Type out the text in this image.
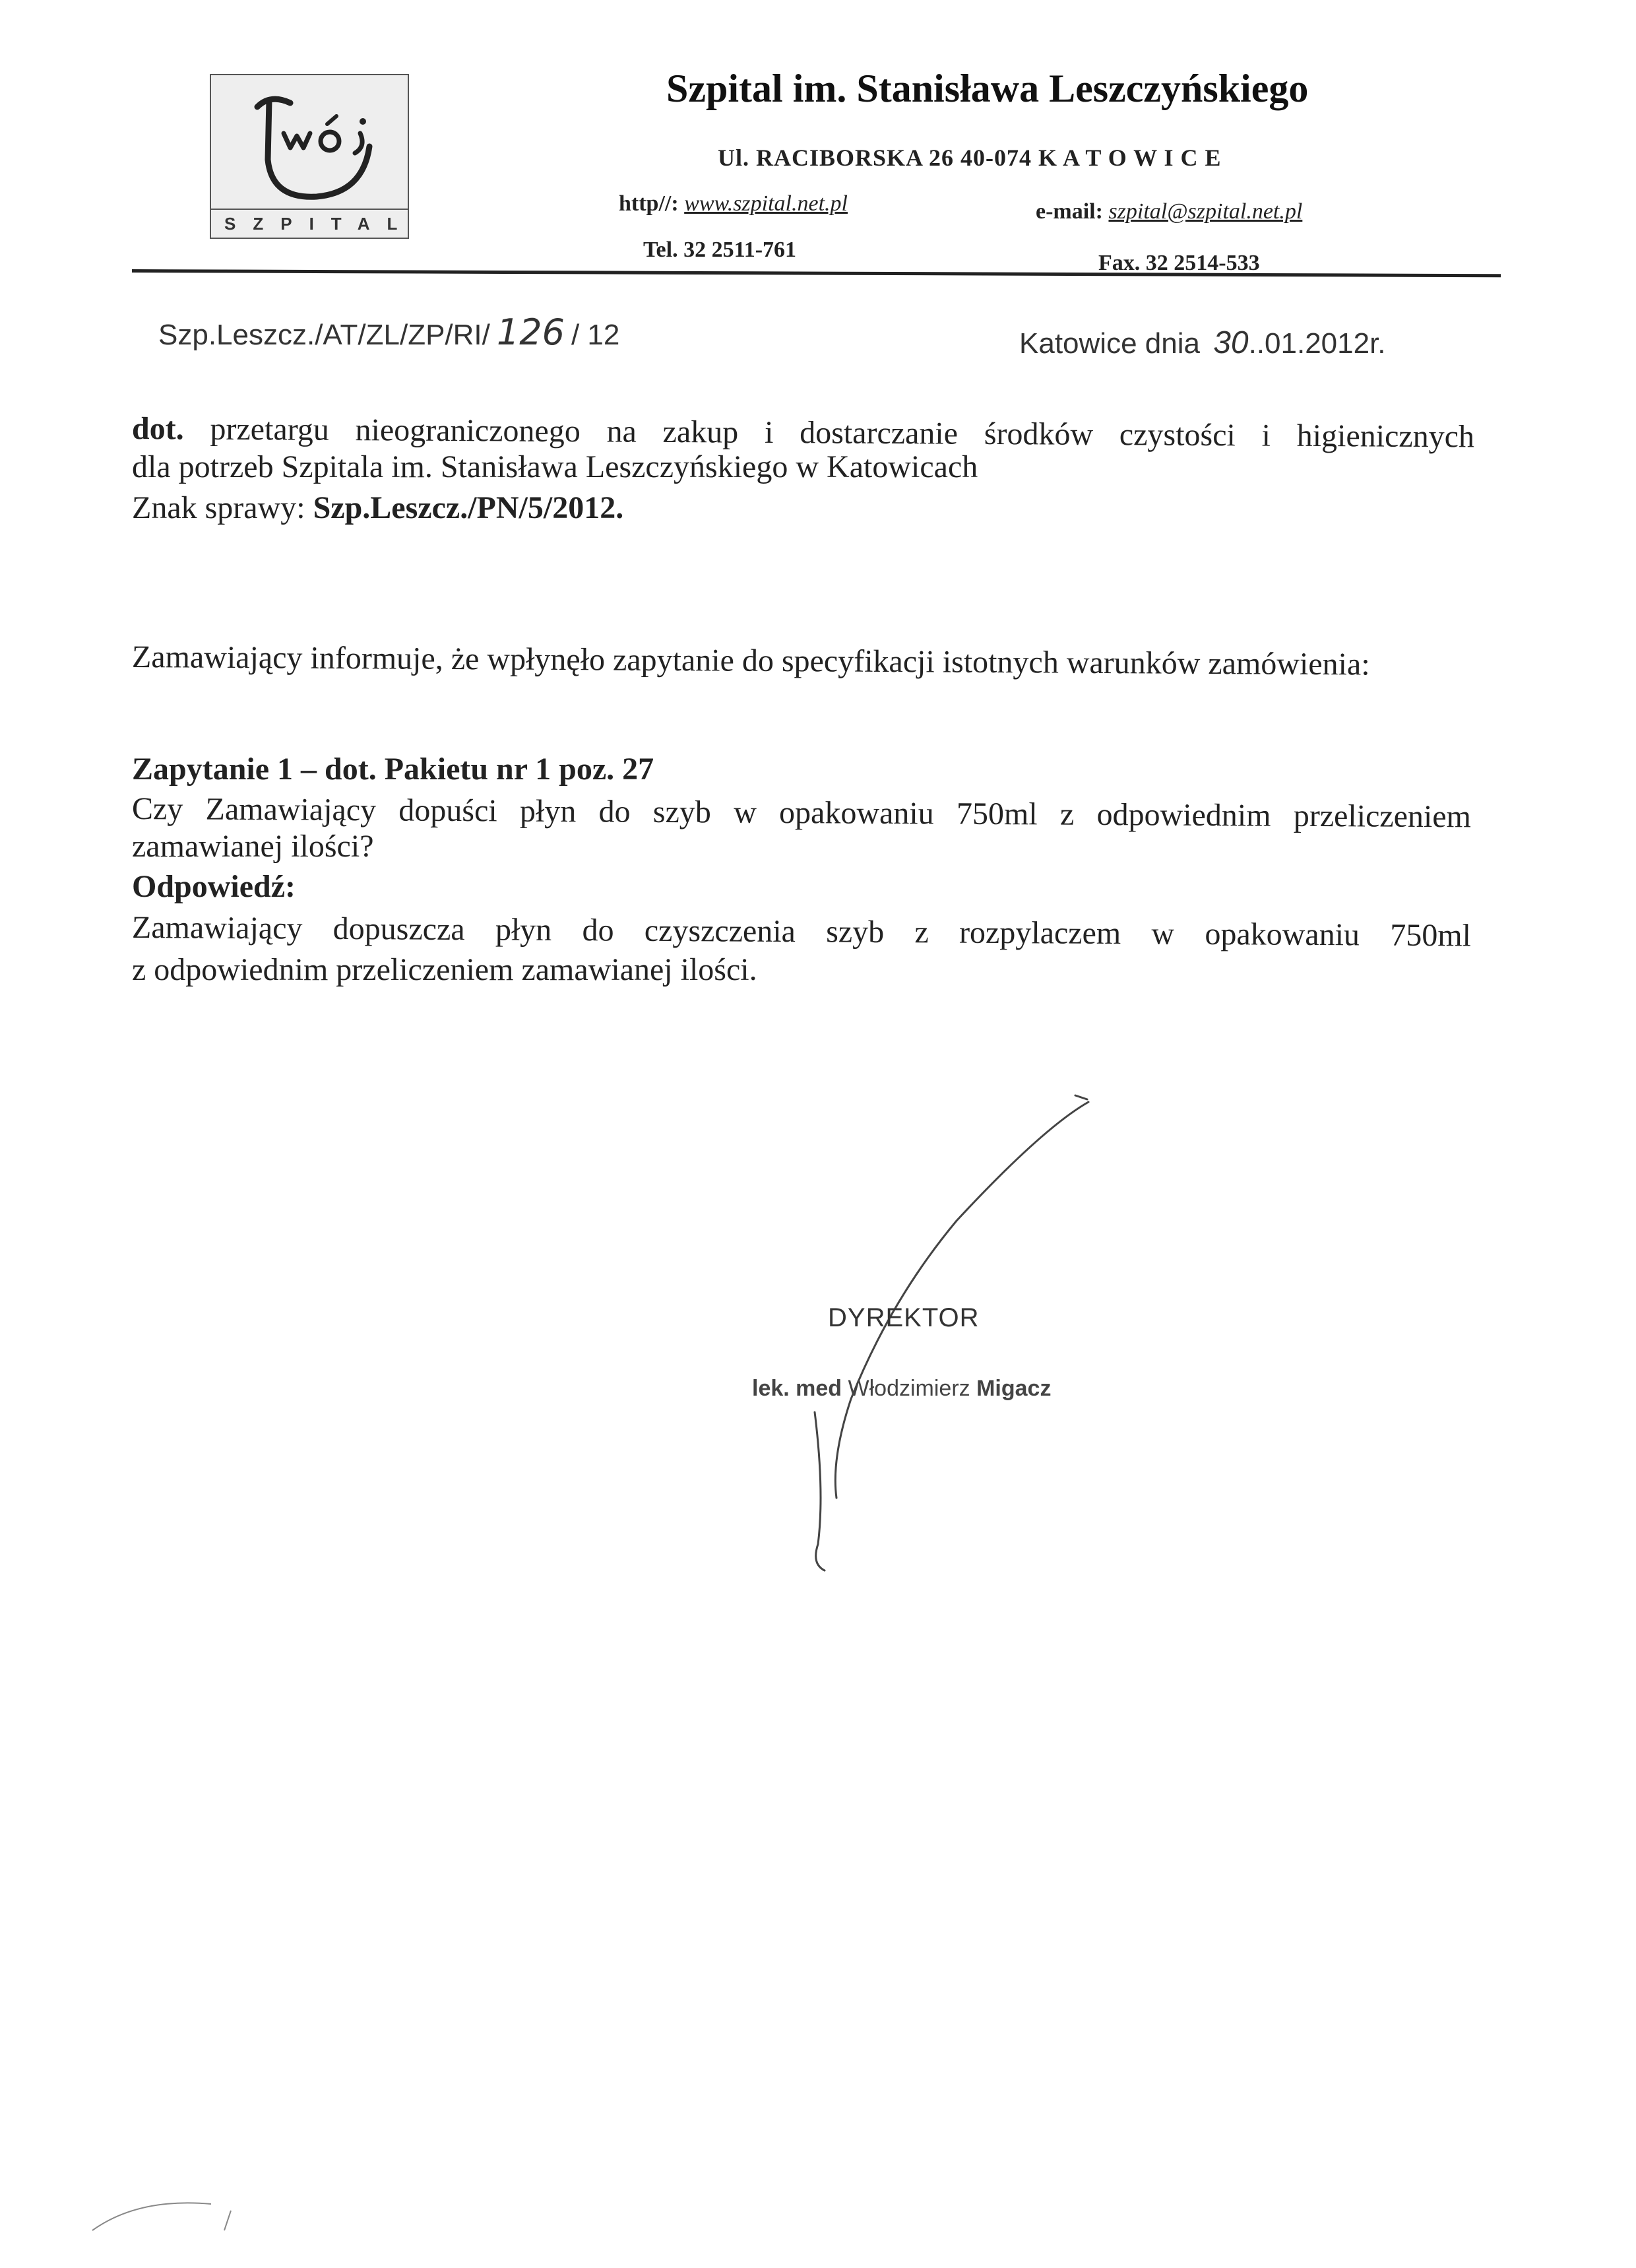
SZPITAL
Szpital im. Stanisława Leszczyńskiego
Ul. RACIBORSKA 26 40-074 K A T O W I C E
http//: www.szpital.net.pl	e-mail: szpital@szpital.net.pl
Tel. 32 2511-761
Fax. 32 2514-533
Szp.Leszcz./AT/ZL/ZP/RI/ 126 / 12	Katowice dnia 30..01.2012r.
dot. przetargu nieograniczonego na zakup i dostarczanie środków czystości i higienicznych
dla potrzeb Szpitala im. Stanisława Leszczyńskiego w Katowicach
Znak sprawy: Szp.Leszcz./PN/5/2012.
Zamawiający informuje, że wpłynęło zapytanie do specyfikacji istotnych warunków zamówienia:
Zapytanie 1 – dot. Pakietu nr 1 poz. 27
Czy Zamawiający dopuści płyn do szyb w opakowaniu 750ml z odpowiednim przeliczeniem
zamawianej ilości?
Odpowiedź:
Zamawiający dopuszcza płyn do czyszczenia szyb z rozpylaczem w opakowaniu 750ml
z odpowiednim przeliczeniem zamawianej ilości.
DYREKTOR
lek. med Włodzimierz Migacz
